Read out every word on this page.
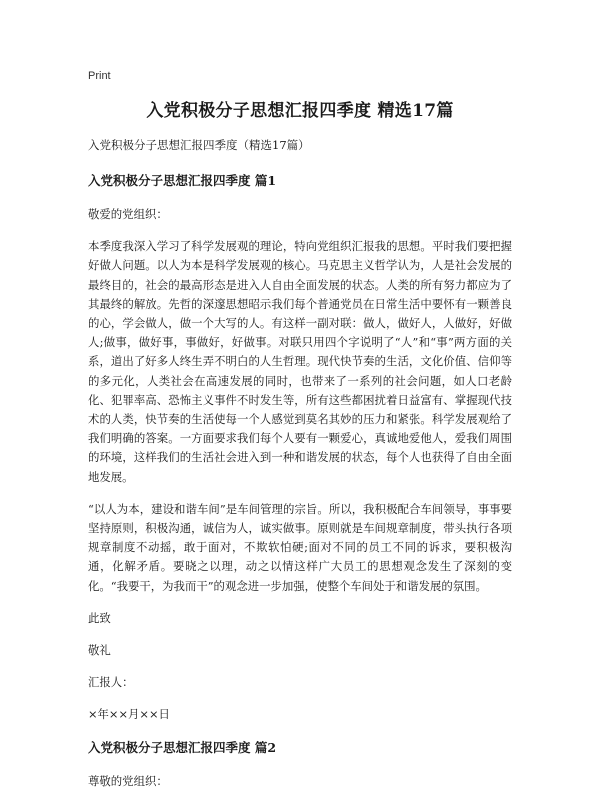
Print
入党积极分子思想汇报四季度 精选17篇
入党积极分子思想汇报四季度（精选17篇）
入党积极分子思想汇报四季度 篇1
敬爱的党组织：
本季度我深入学习了科学发展观的理论，特向党组织汇报我的思想。平时我们要把握好做人问题。以人为本是科学发展观的核心。马克思主义哲学认为，人是社会发展的最终目的，社会的最高形态是进入人自由全面发展的状态。人类的所有努力都应为了其最终的解放。先哲的深邃思想昭示我们每个普通党员在日常生活中要怀有一颗善良的心，学会做人，做一个大写的人。有这样一副对联：做人，做好人，人做好，好做人;做事，做好事，事做好，好做事。对联只用四个字说明了“人”和“事”两方面的关系，道出了好多人终生弄不明白的人生哲理。现代快节奏的生活，文化价值、信仰等的多元化，人类社会在高速发展的同时，也带来了一系列的社会问题，如人口老龄化、犯罪率高、恐怖主义事件不时发生等，所有这些都困扰着日益富有、掌握现代技术的人类，快节奏的生活使每一个人感觉到莫名其妙的压力和紧张。科学发展观给了我们明确的答案。一方面要求我们每个人要有一颗爱心，真诚地爱他人，爱我们周围的环境，这样我们的生活社会进入到一种和谐发展的状态，每个人也获得了自由全面地发展。
“以人为本，建设和谐车间”是车间管理的宗旨。所以，我积极配合车间领导，事事要坚持原则，积极沟通，诚信为人，诚实做事。原则就是车间规章制度，带头执行各项规章制度不动摇，敢于面对，不欺软怕硬;面对不同的员工不同的诉求，要积极沟通，化解矛盾。要晓之以理，动之以情这样广大员工的思想观念发生了深刻的变化。“我要干，为我而干”的观念进一步加强，使整个车间处于和谐发展的氛围。
此致
敬礼
汇报人：
×年××月××日
入党积极分子思想汇报四季度 篇2
尊敬的党组织：
